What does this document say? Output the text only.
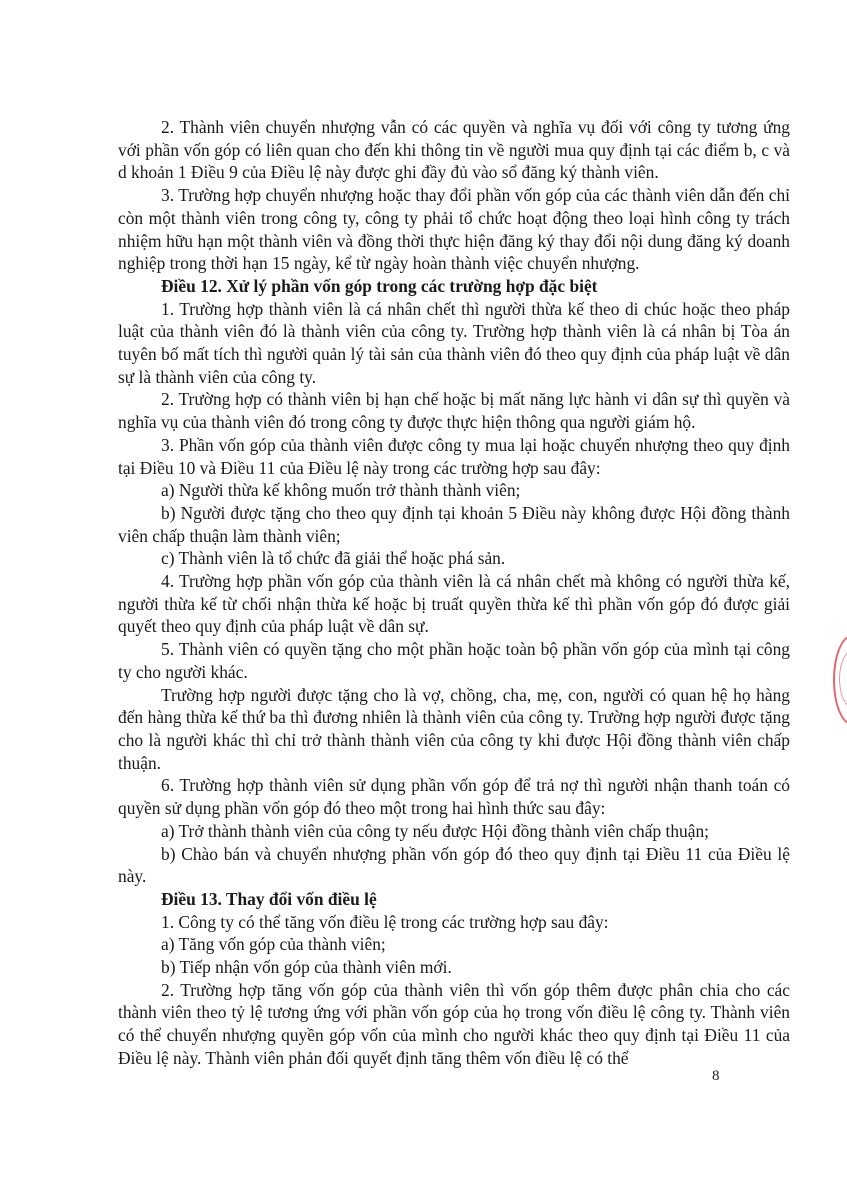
2. Thành viên chuyển nhượng vẫn có các quyền và nghĩa vụ đối với công ty tương ứng với phần vốn góp có liên quan cho đến khi thông tin về người mua quy định tại các điểm b, c và d khoản 1 Điều 9 của Điều lệ này được ghi đầy đủ vào sổ đăng ký thành viên.

3. Trường hợp chuyển nhượng hoặc thay đổi phần vốn góp của các thành viên dẫn đến chỉ còn một thành viên trong công ty, công ty phải tổ chức hoạt động theo loại hình công ty trách nhiệm hữu hạn một thành viên và đồng thời thực hiện đăng ký thay đổi nội dung đăng ký doanh nghiệp trong thời hạn 15 ngày, kể từ ngày hoàn thành việc chuyển nhượng.

Điều 12. Xử lý phần vốn góp trong các trường hợp đặc biệt

1. Trường hợp thành viên là cá nhân chết thì người thừa kế theo di chúc hoặc theo pháp luật của thành viên đó là thành viên của công ty. Trường hợp thành viên là cá nhân bị Tòa án tuyên bố mất tích thì người quản lý tài sản của thành viên đó theo quy định của pháp luật về dân sự là thành viên của công ty.

2. Trường hợp có thành viên bị hạn chế hoặc bị mất năng lực hành vi dân sự thì quyền và nghĩa vụ của thành viên đó trong công ty được thực hiện thông qua người giám hộ.

3. Phần vốn góp của thành viên được công ty mua lại hoặc chuyển nhượng theo quy định tại Điều 10 và Điều 11 của Điều lệ này trong các trường hợp sau đây:

a) Người thừa kế không muốn trở thành thành viên;

b) Người được tặng cho theo quy định tại khoản 5 Điều này không được Hội đồng thành viên chấp thuận làm thành viên;

c) Thành viên là tổ chức đã giải thể hoặc phá sản.

4. Trường hợp phần vốn góp của thành viên là cá nhân chết mà không có người thừa kế, người thừa kế từ chối nhận thừa kế hoặc bị truất quyền thừa kế thì phần vốn góp đó được giải quyết theo quy định của pháp luật về dân sự.

5. Thành viên có quyền tặng cho một phần hoặc toàn bộ phần vốn góp của mình tại công ty cho người khác.

Trường hợp người được tặng cho là vợ, chồng, cha, mẹ, con, người có quan hệ họ hàng đến hàng thừa kế thứ ba thì đương nhiên là thành viên của công ty. Trường hợp người được tặng cho là người khác thì chỉ trở thành thành viên của công ty khi được Hội đồng thành viên chấp thuận.

6. Trường hợp thành viên sử dụng phần vốn góp để trả nợ thì người nhận thanh toán có quyền sử dụng phần vốn góp đó theo một trong hai hình thức sau đây:

a) Trở thành thành viên của công ty nếu được Hội đồng thành viên chấp thuận;

b) Chào bán và chuyển nhượng phần vốn góp đó theo quy định tại Điều 11 của Điều lệ này.

Điều 13. Thay đổi vốn điều lệ

1. Công ty có thể tăng vốn điều lệ trong các trường hợp sau đây:

a) Tăng vốn góp của thành viên;

b) Tiếp nhận vốn góp của thành viên mới.

2. Trường hợp tăng vốn góp của thành viên thì vốn góp thêm được phân chia cho các thành viên theo tỷ lệ tương ứng với phần vốn góp của họ trong vốn điều lệ công ty. Thành viên có thể chuyển nhượng quyền góp vốn của mình cho người khác theo quy định tại Điều 11 của Điều lệ này. Thành viên phản đối quyết định tăng thêm vốn điều lệ có thể

8
